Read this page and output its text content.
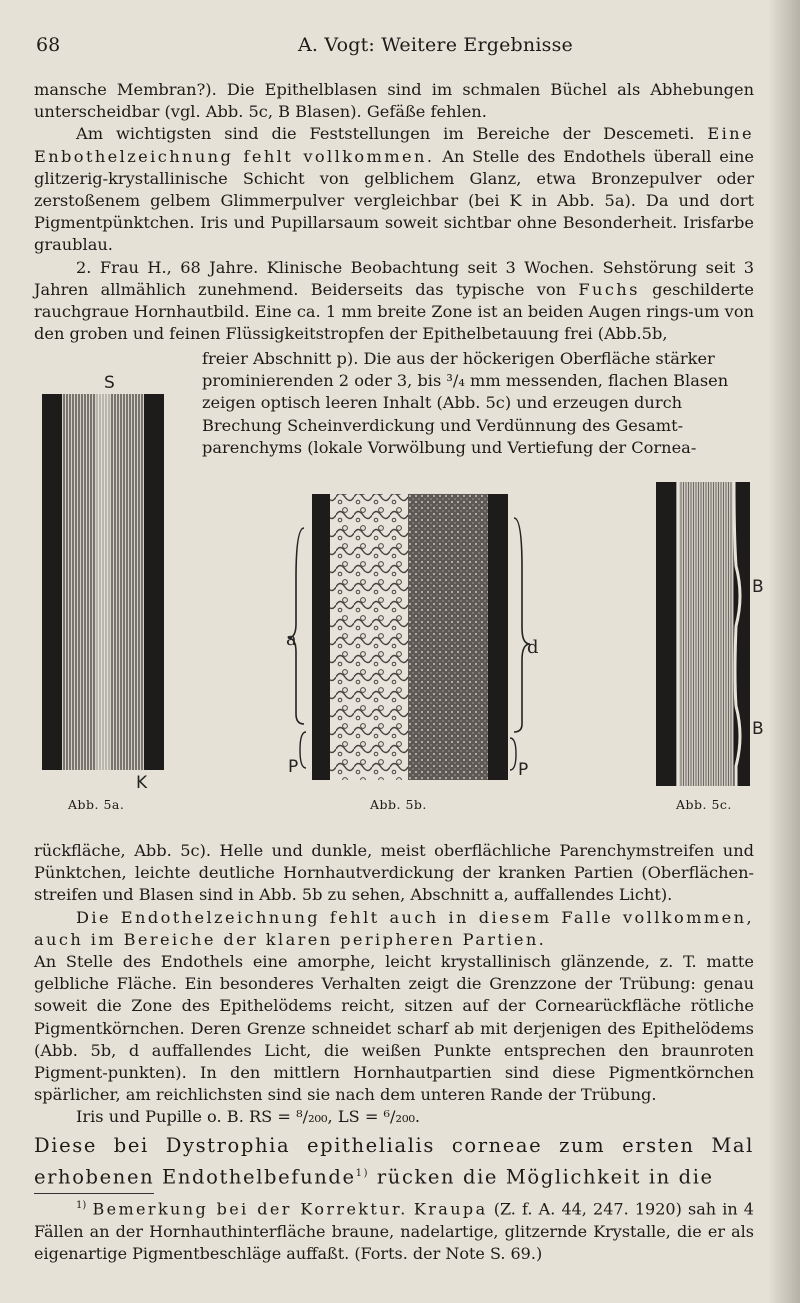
68	A. Vogt: Weitere Ergebnisse

mansche Membran?). Die Epithelblasen sind im schmalen Büchel als Abhebungen unterscheidbar (vgl. Abb. 5c, B Blasen). Gefäße fehlen.

Am wichtigsten sind die Feststellungen im Bereiche der Descemeti. Eine Enbothelzeichnung fehlt vollkommen. An Stelle des Endothels überall eine glitzerig-krystallinische Schicht von gelblichem Glanz, etwa Bronzepulver oder zerstoßenem gelbem Glimmerpulver vergleichbar (bei K in Abb. 5a). Da und dort Pigmentpünktchen. Iris und Pupillarsaum soweit sichtbar ohne Besonderheit. Irisfarbe graublau.

2. Frau H., 68 Jahre. Klinische Beobachtung seit 3 Wochen. Sehstörung seit 3 Jahren allmählich zunehmend. Beiderseits das typische von Fuchs geschilderte rauchgraue Hornhautbild. Eine ca. 1 mm breite Zone ist an beiden Augen rings-um von den groben und feinen Flüssigkeitstropfen der Epithelbetauung frei (Abb.5b,

freier Abschnitt p). Die aus der höckerigen Oberfläche stärker

prominierenden 2 oder 3, bis ³/₄ mm messenden, flachen Blasen

zeigen optisch leeren Inhalt (Abb. 5c) und erzeugen durch

Brechung Scheinverdickung und Verdünnung des Gesamt-

parenchyms (lokale Vorwölbung und Vertiefung der Cornea-

S
K
Abb. 5a.
a	d
P	P
Abb. 5b.
B
B
Abb. 5c.

rückfläche, Abb. 5c). Helle und dunkle, meist oberflächliche Parenchymstreifen und Pünktchen, leichte deutliche Hornhautverdickung der kranken Partien (Oberflächen-streifen und Blasen sind in Abb. 5b zu sehen, Abschnitt a, auffallendes Licht).

Die Endothelzeichnung fehlt auch in diesem Falle vollkommen, auch im Bereiche der klaren peripheren Partien.

An Stelle des Endothels eine amorphe, leicht krystallinisch glänzende, z. T. matte gelbliche Fläche. Ein besonderes Verhalten zeigt die Grenzzone der Trübung: genau soweit die Zone des Epithelödems reicht, sitzen auf der Cornearückfläche rötliche Pigmentkörnchen. Deren Grenze schneidet scharf ab mit derjenigen des Epithelödems (Abb. 5b, d auffallendes Licht, die weißen Punkte entsprechen den braunroten Pigment-punkten). In den mittlern Hornhautpartien sind diese Pigmentkörnchen spärlicher, am reichlichsten sind sie nach dem unteren Rande der Trübung.

Iris und Pupille o. B. RS = ⁸/₂₀₀, LS = ⁶/₂₀₀.

Diese bei Dystrophia epithelialis corneae zum ersten Mal erhobenen Endothelbefunde$^{1)}$ rücken die Möglichkeit in die

$^{1)}$ Bemerkung bei der Korrektur. Kraupa (Z. f. A. 44, 247. 1920) sah in 4 Fällen an der Hornhauthinterfläche braune, nadelartige, glitzernde Krystalle, die er als eigenartige Pigmentbeschläge auffaßt. (Forts. der Note S. 69.)
